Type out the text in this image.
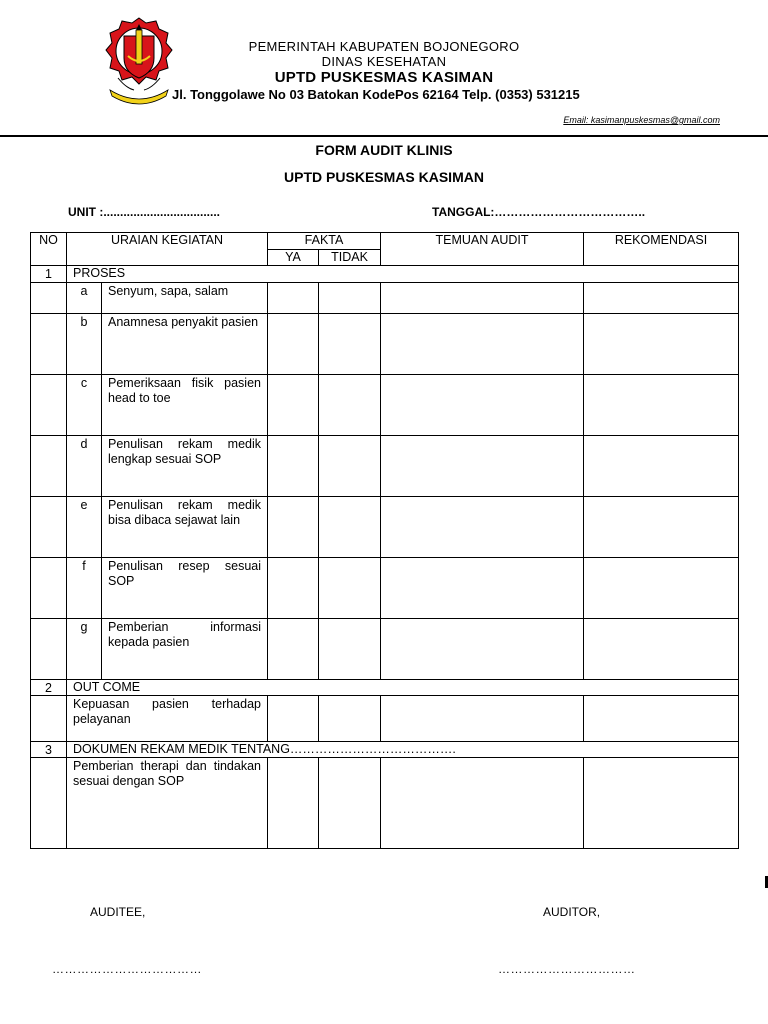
PEMERINTAH KABUPATEN BOJONEGORO
DINAS KESEHATAN
UPTD PUSKESMAS KASIMAN
Jl. Tonggolawe No 03 Batokan KodePos 62164 Telp. (0353) 531215
Email: kasimanpuskesmas@gmail.com
FORM AUDIT KLINIS
UPTD PUSKESMAS KASIMAN
UNIT :...................................	TANGGAL:………………………………..
NO	URAIAN KEGIATAN		FAKTA		TEMUAN AUDIT	REKOMENDASI
			YA	TIDAK		
1	PROSES					
	a	Senyum, sapa, salam				
	b	Anamnesa penyakit pasien				
	c	Pemeriksaan fisik pasien head to toe				
	d	Penulisan rekam medik lengkap sesuai SOP				
	e	Penulisan rekam medik bisa dibaca sejawat lain				
	f	Penulisan resep sesuai SOP				
	g	Pemberian informasi kepada pasien				
2	OUT COME					
	Kepuasan pasien terhadap pelayanan					
3	DOKUMEN REKAM MEDIK TENTANG………………………………….					
	Pemberian therapi dan tindakan sesuai dengan SOP					
AUDITEE,	AUDITOR,
………………………………	……………………………
